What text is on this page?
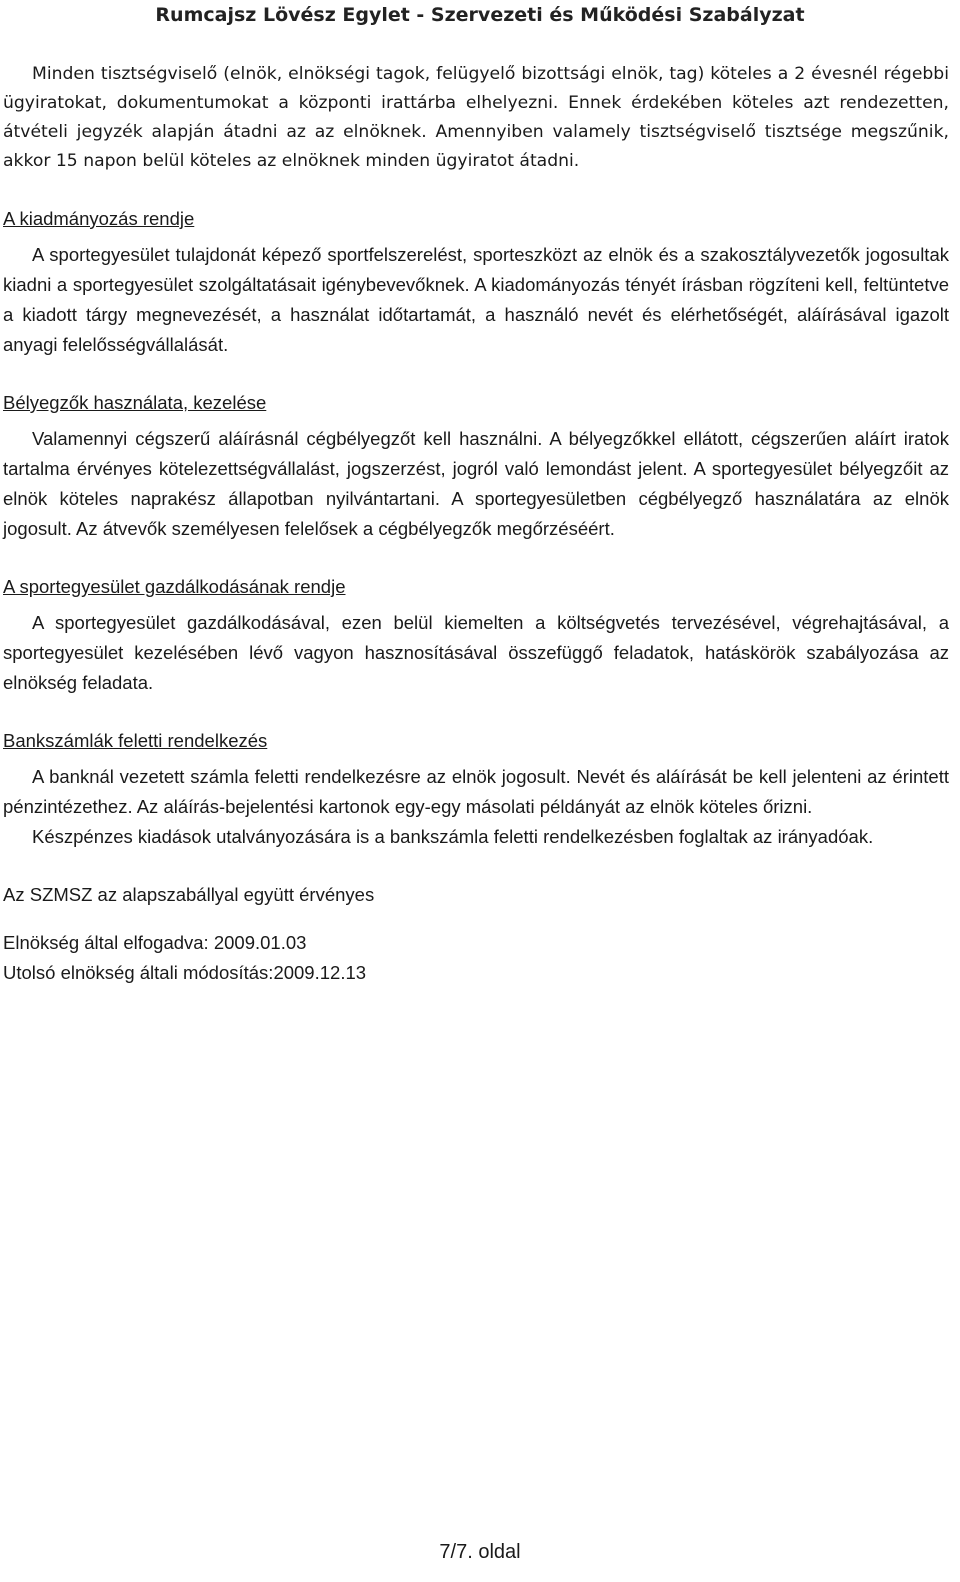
Rumcajsz Lövész Egylet - Szervezeti és Működési Szabályzat

Minden tisztségviselő (elnök, elnökségi tagok, felügyelő bizottsági elnök, tag) köteles a 2 évesnél régebbi ügyiratokat, dokumentumokat a központi irattárba elhelyezni. Ennek érdekében köteles azt rendezetten, átvételi jegyzék alapján átadni az az elnöknek. Amennyiben valamely tisztségviselő tisztsége megszűnik, akkor 15 napon belül köteles az elnöknek minden ügyiratot átadni.

A kiadmányozás rendje

A sportegyesület tulajdonát képező sportfelszerelést, sporteszközt az elnök és a szakosztályvezetők jogosultak kiadni a sportegyesület szolgáltatásait igénybevevőknek. A kiadományozás tényét írásban rögzíteni kell, feltüntetve a kiadott tárgy megnevezését, a használat időtartamát, a használó nevét és elérhetőségét, aláírásával igazolt anyagi felelősségvállalását.

Bélyegzők használata, kezelése

Valamennyi cégszerű aláírásnál cégbélyegzőt kell használni. A bélyegzőkkel ellátott, cégszerűen aláírt iratok tartalma érvényes kötelezettségvállalást, jogszerzést, jogról való lemondást jelent. A sportegyesület bélyegzőit az elnök köteles naprakész állapotban nyilvántartani. A sportegyesületben cégbélyegző használatára az elnök jogosult. Az átvevők személyesen felelősek a cégbélyegzők megőrzéséért.

A sportegyesület gazdálkodásának rendje

A sportegyesület gazdálkodásával, ezen belül kiemelten a költségvetés tervezésével, végrehajtásával, a sportegyesület kezelésében lévő vagyon hasznosításával összefüggő feladatok, hatáskörök szabályozása az elnökség feladata.

Bankszámlák feletti rendelkezés

A banknál vezetett számla feletti rendelkezésre az elnök jogosult. Nevét és aláírását be kell jelenteni az érintett pénzintézethez. Az aláírás-bejelentési kartonok egy-egy másolati példányát az elnök köteles őrizni.

Készpénzes kiadások utalványozására is a bankszámla feletti rendelkezésben foglaltak az irányadóak.

Az SZMSZ az alapszabállyal együtt érvényes

Elnökség által elfogadva: 2009.01.03

Utolsó elnökség általi módosítás:2009.12.13

7/7. oldal
